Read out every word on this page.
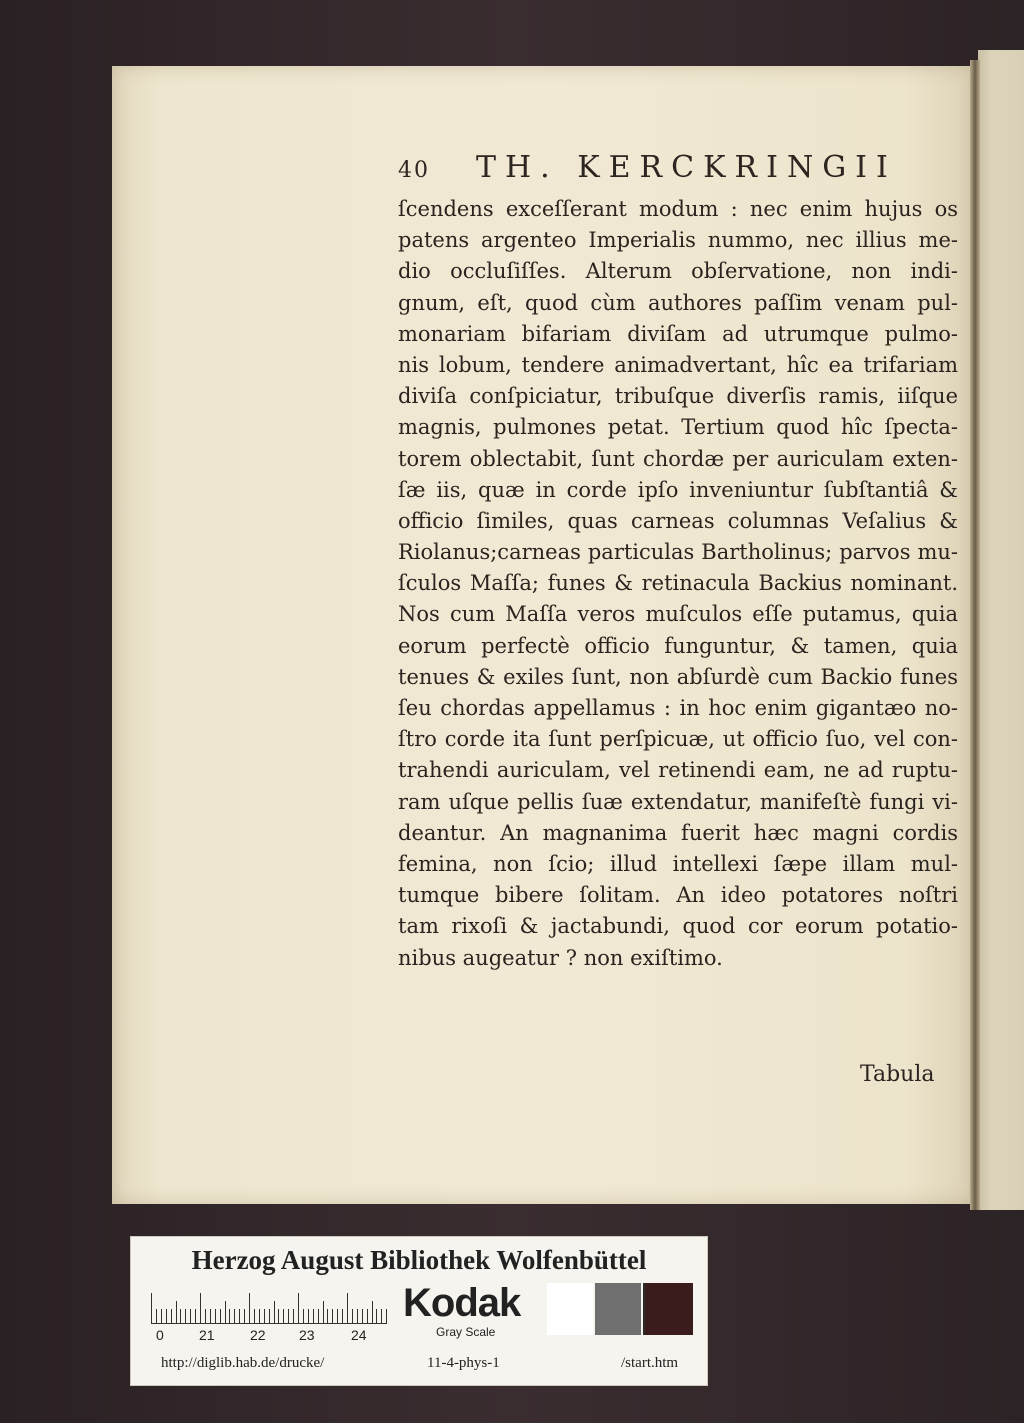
40 TH. KERCKRINGII
ſcendens exceſſerant modum : nec enim hujus os
patens argenteo Imperialis nummo, nec illius me-
dio occluſiſſes. Alterum obſervatione, non indi-
gnum, eſt, quod cùm authores paſſim venam pul-
monariam bifariam diviſam ad utrumque pulmo-
nis lobum, tendere animadvertant, hîc ea trifariam
diviſa conſpiciatur, tribuſque diverſis ramis, iiſque
magnis, pulmones petat. Tertium quod hîc ſpecta-
torem oblectabit, ſunt chordæ per auriculam exten-
ſæ iis, quæ in corde ipſo inveniuntur ſubſtantiâ &
officio ſimiles, quas carneas columnas Veſalius &
Riolanus;carneas particulas Bartholinus; parvos mu-
ſculos Maſſa; funes & retinacula Backius nominant.
Nos cum Maſſa veros muſculos eſſe putamus, quia
eorum perfectè officio funguntur, & tamen, quia
tenues & exiles ſunt, non abſurdè cum Backio funes
ſeu chordas appellamus : in hoc enim gigantæo no-
ſtro corde ita ſunt perſpicuæ, ut officio ſuo, vel con-
trahendi auriculam, vel retinendi eam, ne ad ruptu-
ram uſque pellis ſuæ extendatur, manifeſtè fungi vi-
deantur. An magnanima fuerit hæc magni cordis
femina, non ſcio; illud intellexi ſæpe illam mul-
tumque bibere ſolitam. An ideo potatores noſtri
tam rixoſi & jactabundi, quod cor eorum potatio-
nibus augeatur ? non exiſtimo.
Tabula
Herzog August Bibliothek Wolfenbüttel
0	21	22 23	24
Kodak
Gray Scale
http://diglib.hab.de/drucke/	11-4-phys-1	/start.htm
